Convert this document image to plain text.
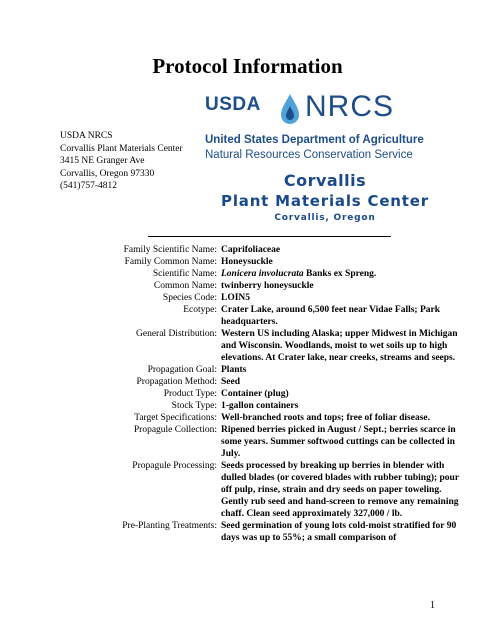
Protocol Information
USDA NRCS
Corvallis Plant Materials Center
3415 NE Granger Ave
Corvallis, Oregon 97330
(541)757-4812
USDA NRCS
United States Department of Agriculture
Natural Resources Conservation Service
Corvallis
Plant Materials Center
Corvallis, Oregon
Family Scientific Name: Caprifoliaceae
Family Common Name: Honeysuckle
Scientific Name: Lonicera involucrata Banks ex Spreng.
Common Name: twinberry honeysuckle
Species Code: LOIN5
Ecotype: Crater Lake, around 6,500 feet near Vidae Falls; Park headquarters.
General Distribution: Western US including Alaska; upper Midwest in Michigan and Wisconsin. Woodlands, moist to wet soils up to high elevations. At Crater lake, near creeks, streams and seeps.
Propagation Goal: Plants
Propagation Method: Seed
Product Type: Container (plug)
Stock Type: 1-gallon containers
Target Specifications: Well-branched roots and tops; free of foliar disease.
Propagule Collection: Ripened berries picked in August / Sept.; berries scarce in some years. Summer softwood cuttings can be collected in July.
Propagule Processing: Seeds processed by breaking up berries in blender with dulled blades (or covered blades with rubber tubing); pour off pulp, rinse, strain and dry seeds on paper toweling. Gently rub seed and hand-screen to remove any remaining chaff. Clean seed approximately 327,000 / lb.
Pre-Planting Treatments: Seed germination of young lots cold-moist stratified for 90 days was up to 55%; a small comparison of
1
